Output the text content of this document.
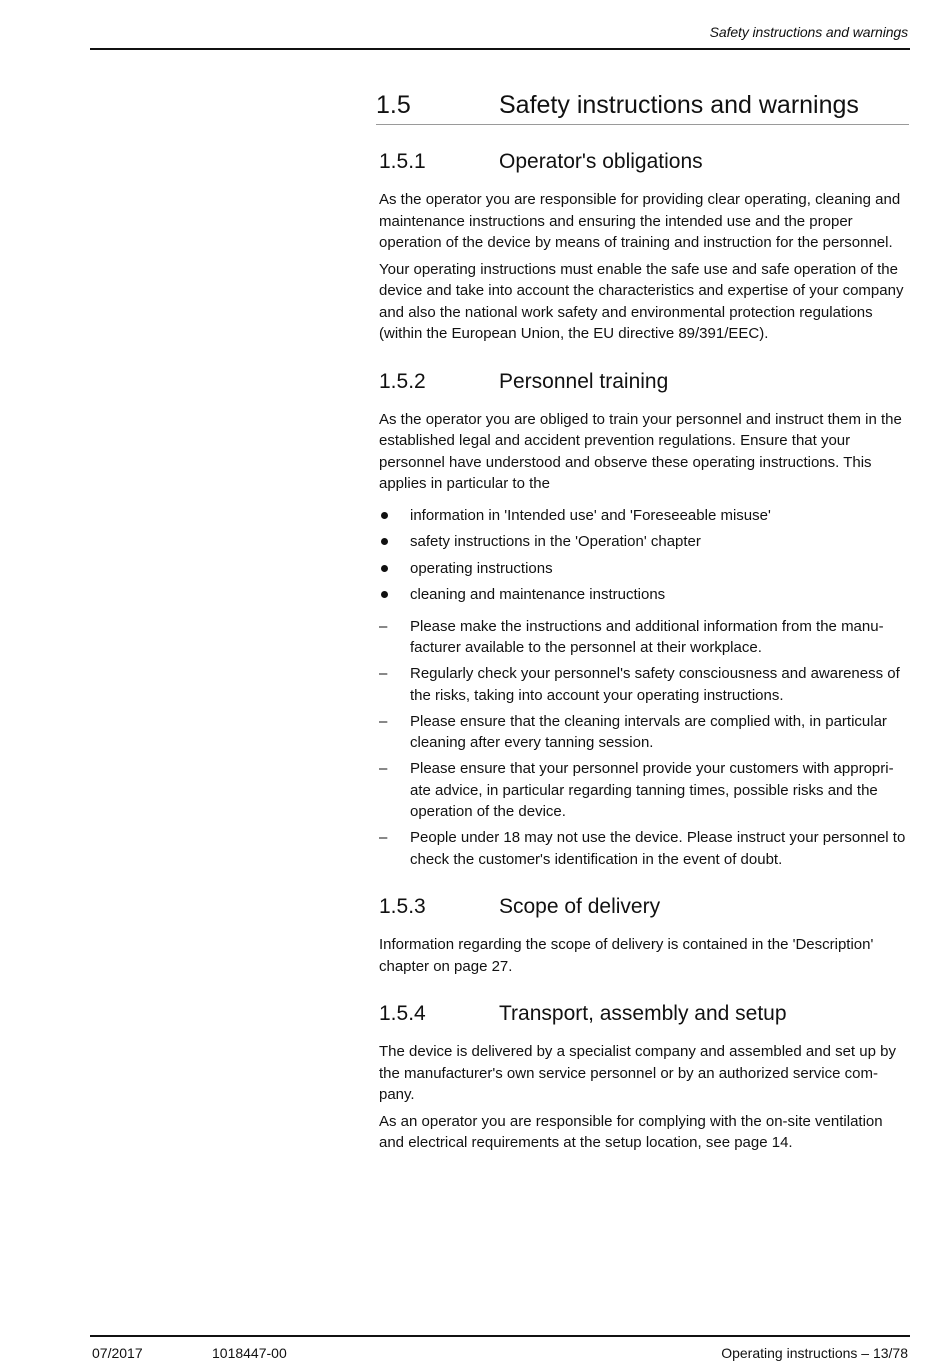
Safety instructions and warnings
1.5	Safety instructions and warnings
1.5.1	Operator's obligations

As the operator you are responsible for providing clear operating, cleaning and maintenance instructions and ensuring the intended use and the proper operation of the device by means of training and instruction for the personnel.

Your operating instructions must enable the safe use and safe operation of the device and take into account the characteristics and expertise of your company and also the national work safety and environmental protection regulations (within the European Union, the EU directive 89/391/EEC).

1.5.2	Personnel training

As the operator you are obliged to train your personnel and instruct them in the established legal and accident prevention regulations. Ensure that your personnel have understood and observe these operating instructions. This applies in particular to the

information in 'Intended use' and 'Foreseeable misuse'
safety instructions in the 'Operation' chapter
operating instructions
cleaning and maintenance instructions
– Please make the instructions and additional information from the manu-facturer available to the personnel at their workplace.
– Regularly check your personnel's safety consciousness and awareness of the risks, taking into account your operating instructions.
– Please ensure that the cleaning intervals are complied with, in particular cleaning after every tanning session.
– Please ensure that your personnel provide your customers with appropri-ate advice, in particular regarding tanning times, possible risks and the operation of the device.
– People under 18 may not use the device. Please instruct your personnel to check the customer's identification in the event of doubt.
1.5.3	Scope of delivery

Information regarding the scope of delivery is contained in the 'Description' chapter on page 27.

1.5.4	Transport, assembly and setup

The device is delivered by a specialist company and assembled and set up by the manufacturer's own service personnel or by an authorized service com-pany.

As an operator you are responsible for complying with the on-site ventilation and electrical requirements at the setup location, see page 14.

07/2017	1018447-00	Operating instructions – 13/78
